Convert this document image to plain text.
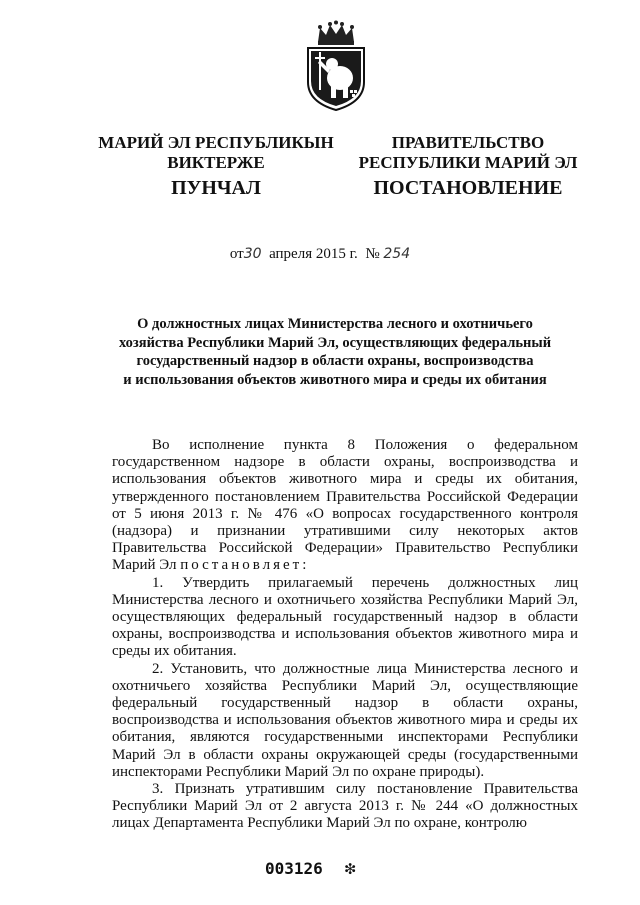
МАРИЙ ЭЛ РЕСПУБЛИКЫН
ВИКТЕРЖЕ
ПУНЧАЛ
ПРАВИТЕЛЬСТВО
РЕСПУБЛИКИ МАРИЙ ЭЛ
ПОСТАНОВЛЕНИЕ
от30 апреля 2015 г. № 254
О должностных лицах Министерства лесного и охотничьего
хозяйства Республики Марий Эл, осуществляющих федеральный
государственный надзор в области охраны, воспроизводства
и использования объектов животного мира и среды их обитания

Во исполнение пункта 8 Положения о федеральном государственном надзоре в области охраны, воспроизводства и использования объектов животного мира и среды их обитания, утвержденного постановлением Правительства Российской Федерации от 5 июня 2013 г. № 476 «О вопросах государственного контроля (надзора) и признании утратившими силу некоторых актов Правительства Российской Федерации» Правительство Республики Марий Эл постановляет:

1. Утвердить прилагаемый перечень должностных лиц Министерства лесного и охотничьего хозяйства Республики Марий Эл, осуществляющих федеральный государственный надзор в области охраны, воспроизводства и использования объектов животного мира и среды их обитания.

2. Установить, что должностные лица Министерства лесного и охотничьего хозяйства Республики Марий Эл, осуществляющие федеральный государственный надзор в области охраны, воспроизводства и использования объектов животного мира и среды их обитания, являются государственными инспекторами Республики Марий Эл в области охраны окружающей среды (государственными инспекторами Республики Марий Эл по охране природы).

3. Признать утратившим силу постановление Правительства Республики Марий Эл от 2 августа 2013 г. № 244 «О должностных лицах Департамента Республики Марий Эл по охране, контролю

003126 ❇
